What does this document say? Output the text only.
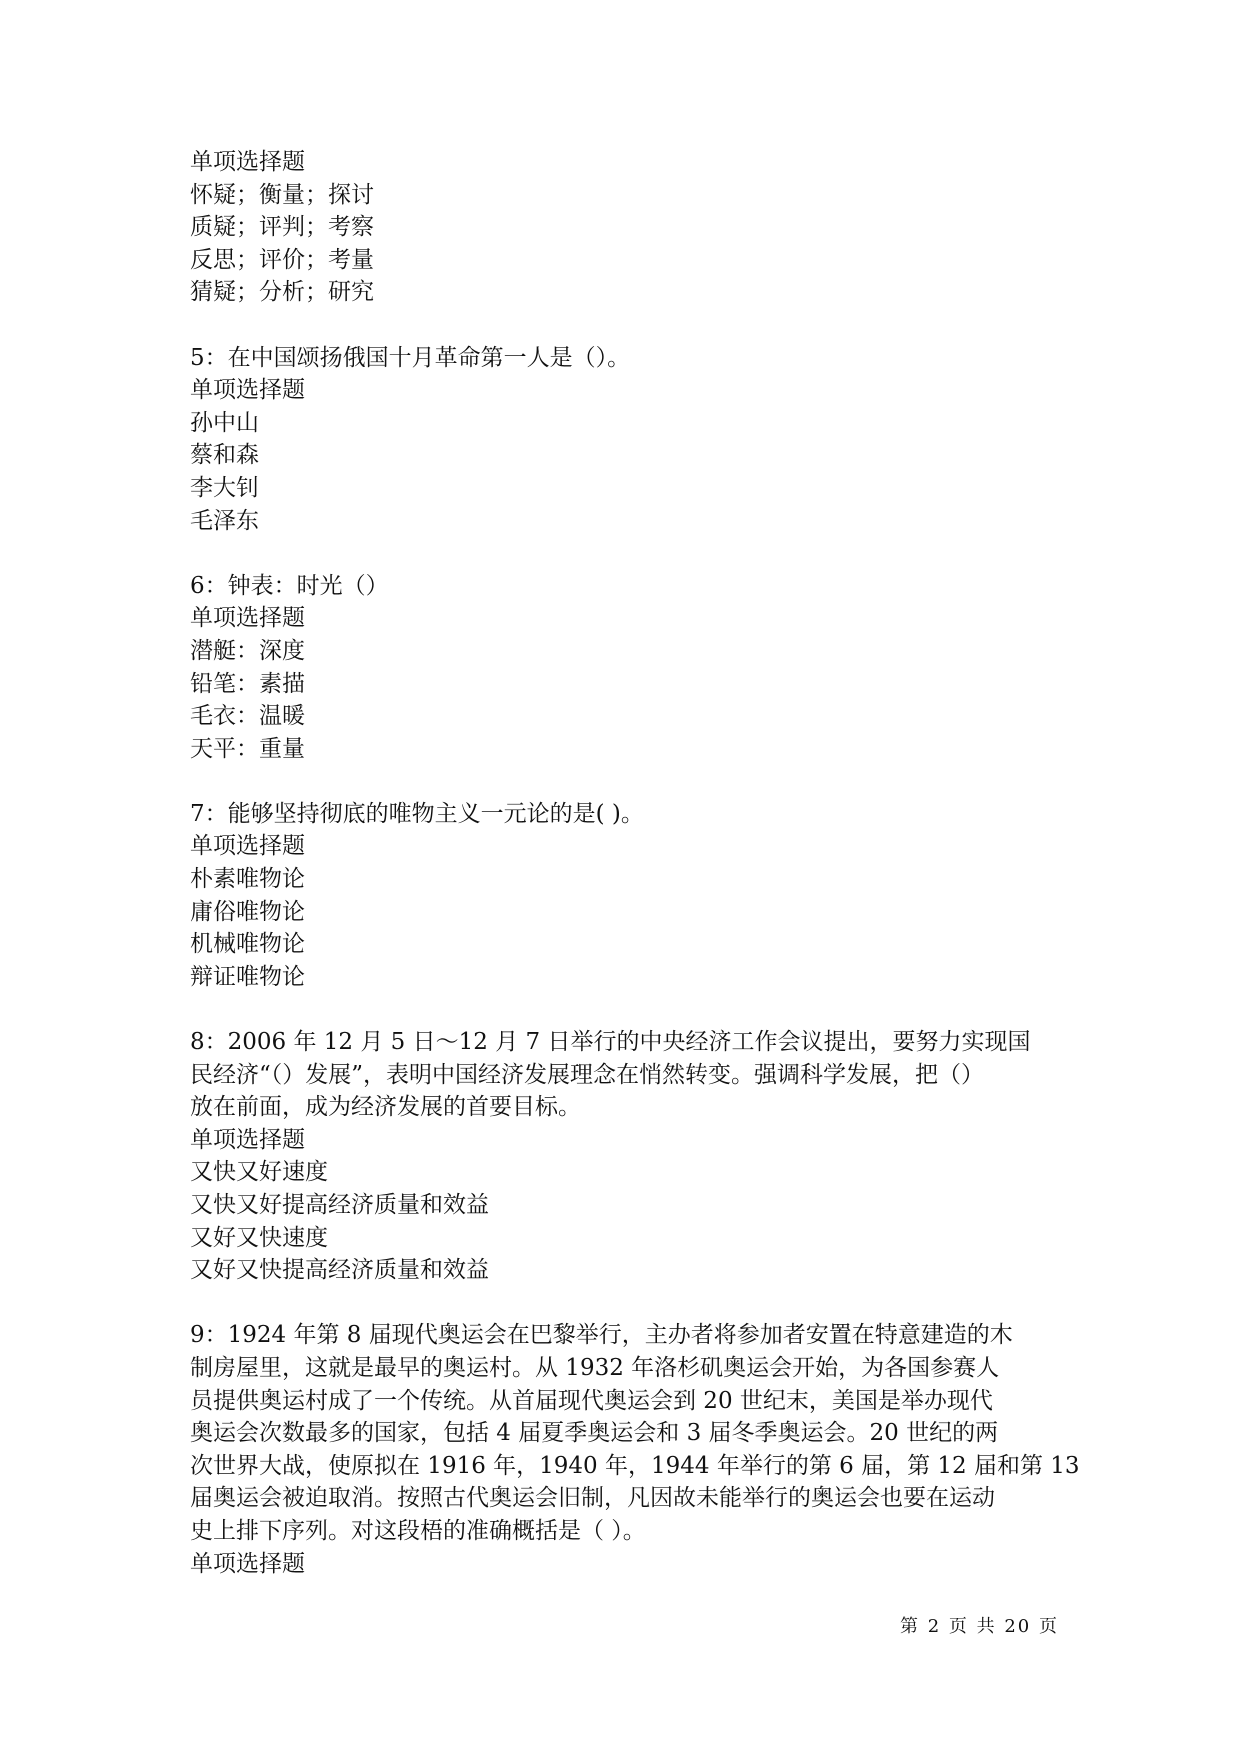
单项选择题

怀疑；衡量；探讨

质疑；评判；考察

反思；评价；考量

猜疑；分析；研究

5：在中国颂扬俄国十月革命第一人是（）。

单项选择题

孙中山

蔡和森

李大钊

毛泽东

6：钟表：时光（）

单项选择题

潜艇：深度

铅笔：素描

毛衣：温暖

天平：重量

7：能够坚持彻底的唯物主义一元论的是( )。

单项选择题

朴素唯物论

庸俗唯物论

机械唯物论

辩证唯物论

8：2006 年 12 月 5 日～12 月 7 日举行的中央经济工作会议提出，要努力实现国

民经济“（）发展”，表明中国经济发展理念在悄然转变。强调科学发展，把（）

放在前面，成为经济发展的首要目标。

单项选择题

又快又好速度

又快又好提高经济质量和效益

又好又快速度

又好又快提高经济质量和效益

9：1924 年第 8 届现代奥运会在巴黎举行，主办者将参加者安置在特意建造的木

制房屋里，这就是最早的奥运村。从 1932 年洛杉矶奥运会开始，为各国参赛人

员提供奥运村成了一个传统。从首届现代奥运会到 20 世纪末，美国是举办现代

奥运会次数最多的国家，包括 4 届夏季奥运会和 3 届冬季奥运会。20 世纪的两

次世界大战，使原拟在 1916 年，1940 年，1944 年举行的第 6 届，第 12 届和第 13

届奥运会被迫取消。按照古代奥运会旧制，凡因故未能举行的奥运会也要在运动

史上排下序列。对这段梧的准确概括是（ ）。

单项选择题

第 2 页 共 20 页
